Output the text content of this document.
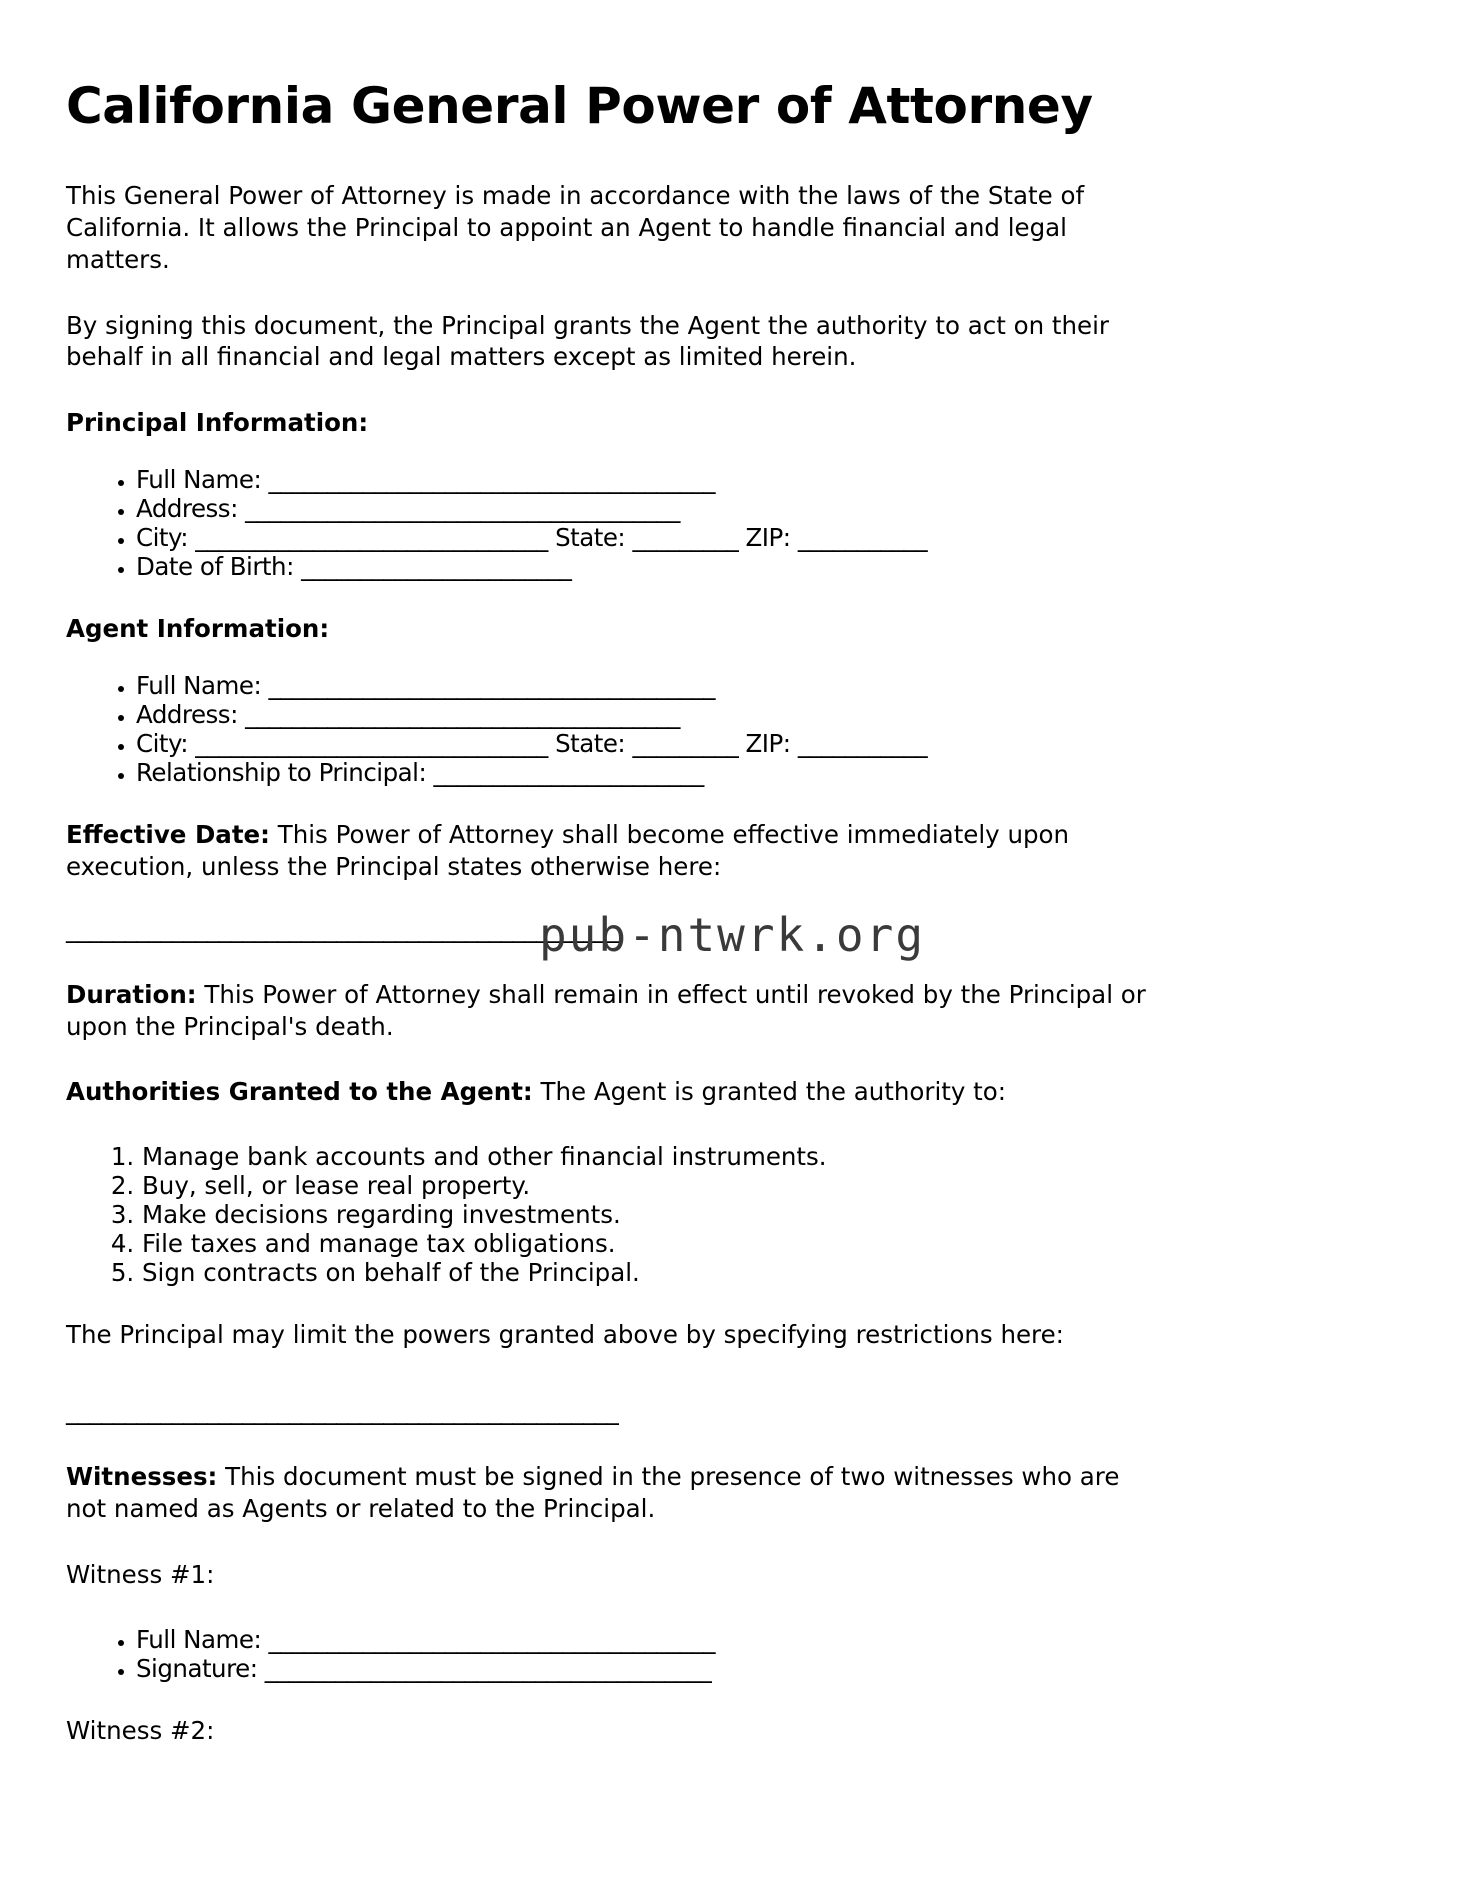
pub-ntwrk.org
California General Power of Attorney

This General Power of Attorney is made in accordance with the laws of the State of California. It allows the Principal to appoint an Agent to handle financial and legal matters.

By signing this document, the Principal grants the Agent the authority to act on their behalf in all financial and legal matters except as limited herein.

Principal Information:
• Full Name: ______________________________________
• Address: _____________________________________
• City: ______________________________ State: _________ ZIP: ___________
• Date of Birth: _______________________
Agent Information:
• Full Name: ______________________________________
• Address: _____________________________________
• City: ______________________________ State: _________ ZIP: ___________
• Relationship to Principal: _______________________

Effective Date: This Power of Attorney shall become effective immediately upon execution, unless the Principal states otherwise here:

_______________________________________________

Duration: This Power of Attorney shall remain in effect until revoked by the Principal or upon the Principal's death.

Authorities Granted to the Agent: The Agent is granted the authority to:

1. Manage bank accounts and other financial instruments.
2. Buy, sell, or lease real property.
3. Make decisions regarding investments.
4. File taxes and manage tax obligations.
5. Sign contracts on behalf of the Principal.

The Principal may limit the powers granted above by specifying restrictions here:

_______________________________________________

Witnesses: This document must be signed in the presence of two witnesses who are not named as Agents or related to the Principal.

Witness #1:

• Full Name: ______________________________________
• Signature: ______________________________________

Witness #2:
